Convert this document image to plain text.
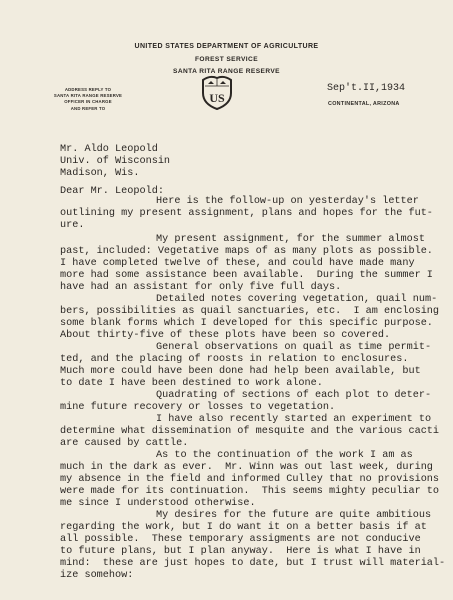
UNITED STATES DEPARTMENT OF AGRICULTURE
FOREST SERVICE
SANTA RITA RANGE RESERVE
ADDRESS REPLY TO
SANTA RITA RANGE RESERVE
OFFICER IN CHARGE
AND REFER TO
US
Sep't.II,1934
CONTINENTAL, ARIZONA
Mr. Aldo Leopold
Univ. of Wisconsin
Madison, Wis.
Dear Mr. Leopold:
Here is the follow-up on yesterday's letter
outlining my present assignment, plans and hopes for the fut-
ure.
My present assignment, for the summer almost
past, included: Vegetative maps of as many plots as possible.
I have completed twelve of these, and could have made many
more had some assistance been available.  During the summer I
have had an assistant for only five full days.
Detailed notes covering vegetation, quail num-
bers, possibilities as quail sanctuaries, etc.  I am enclosing
some blank forms which I developed for this specific purpose.
About thirty-five of these plots have been so covered.
General observations on quail as time permit-
ted, and the placing of roosts in relation to enclosures.
Much more could have been done had help been available, but
to date I have been destined to work alone.
Quadrating of sections of each plot to deter-
mine future recovery or losses to vegetation.
I have also recently started an experiment to
determine what dissemination of mesquite and the various cacti
are caused by cattle.
As to the continuation of the work I am as
much in the dark as ever.  Mr. Winn was out last week, during
my absence in the field and informed Culley that no provisions
were made for its continuation.  This seems mighty peculiar to
me since I understood otherwise.
My desires for the future are quite ambitious
regarding the work, but I do want it on a better basis if at
all possible.  These temporary assigments are not conducive
to future plans, but I plan anyway.  Here is what I have in
mind:  these are just hopes to date, but I trust will material-
ize somehow:
